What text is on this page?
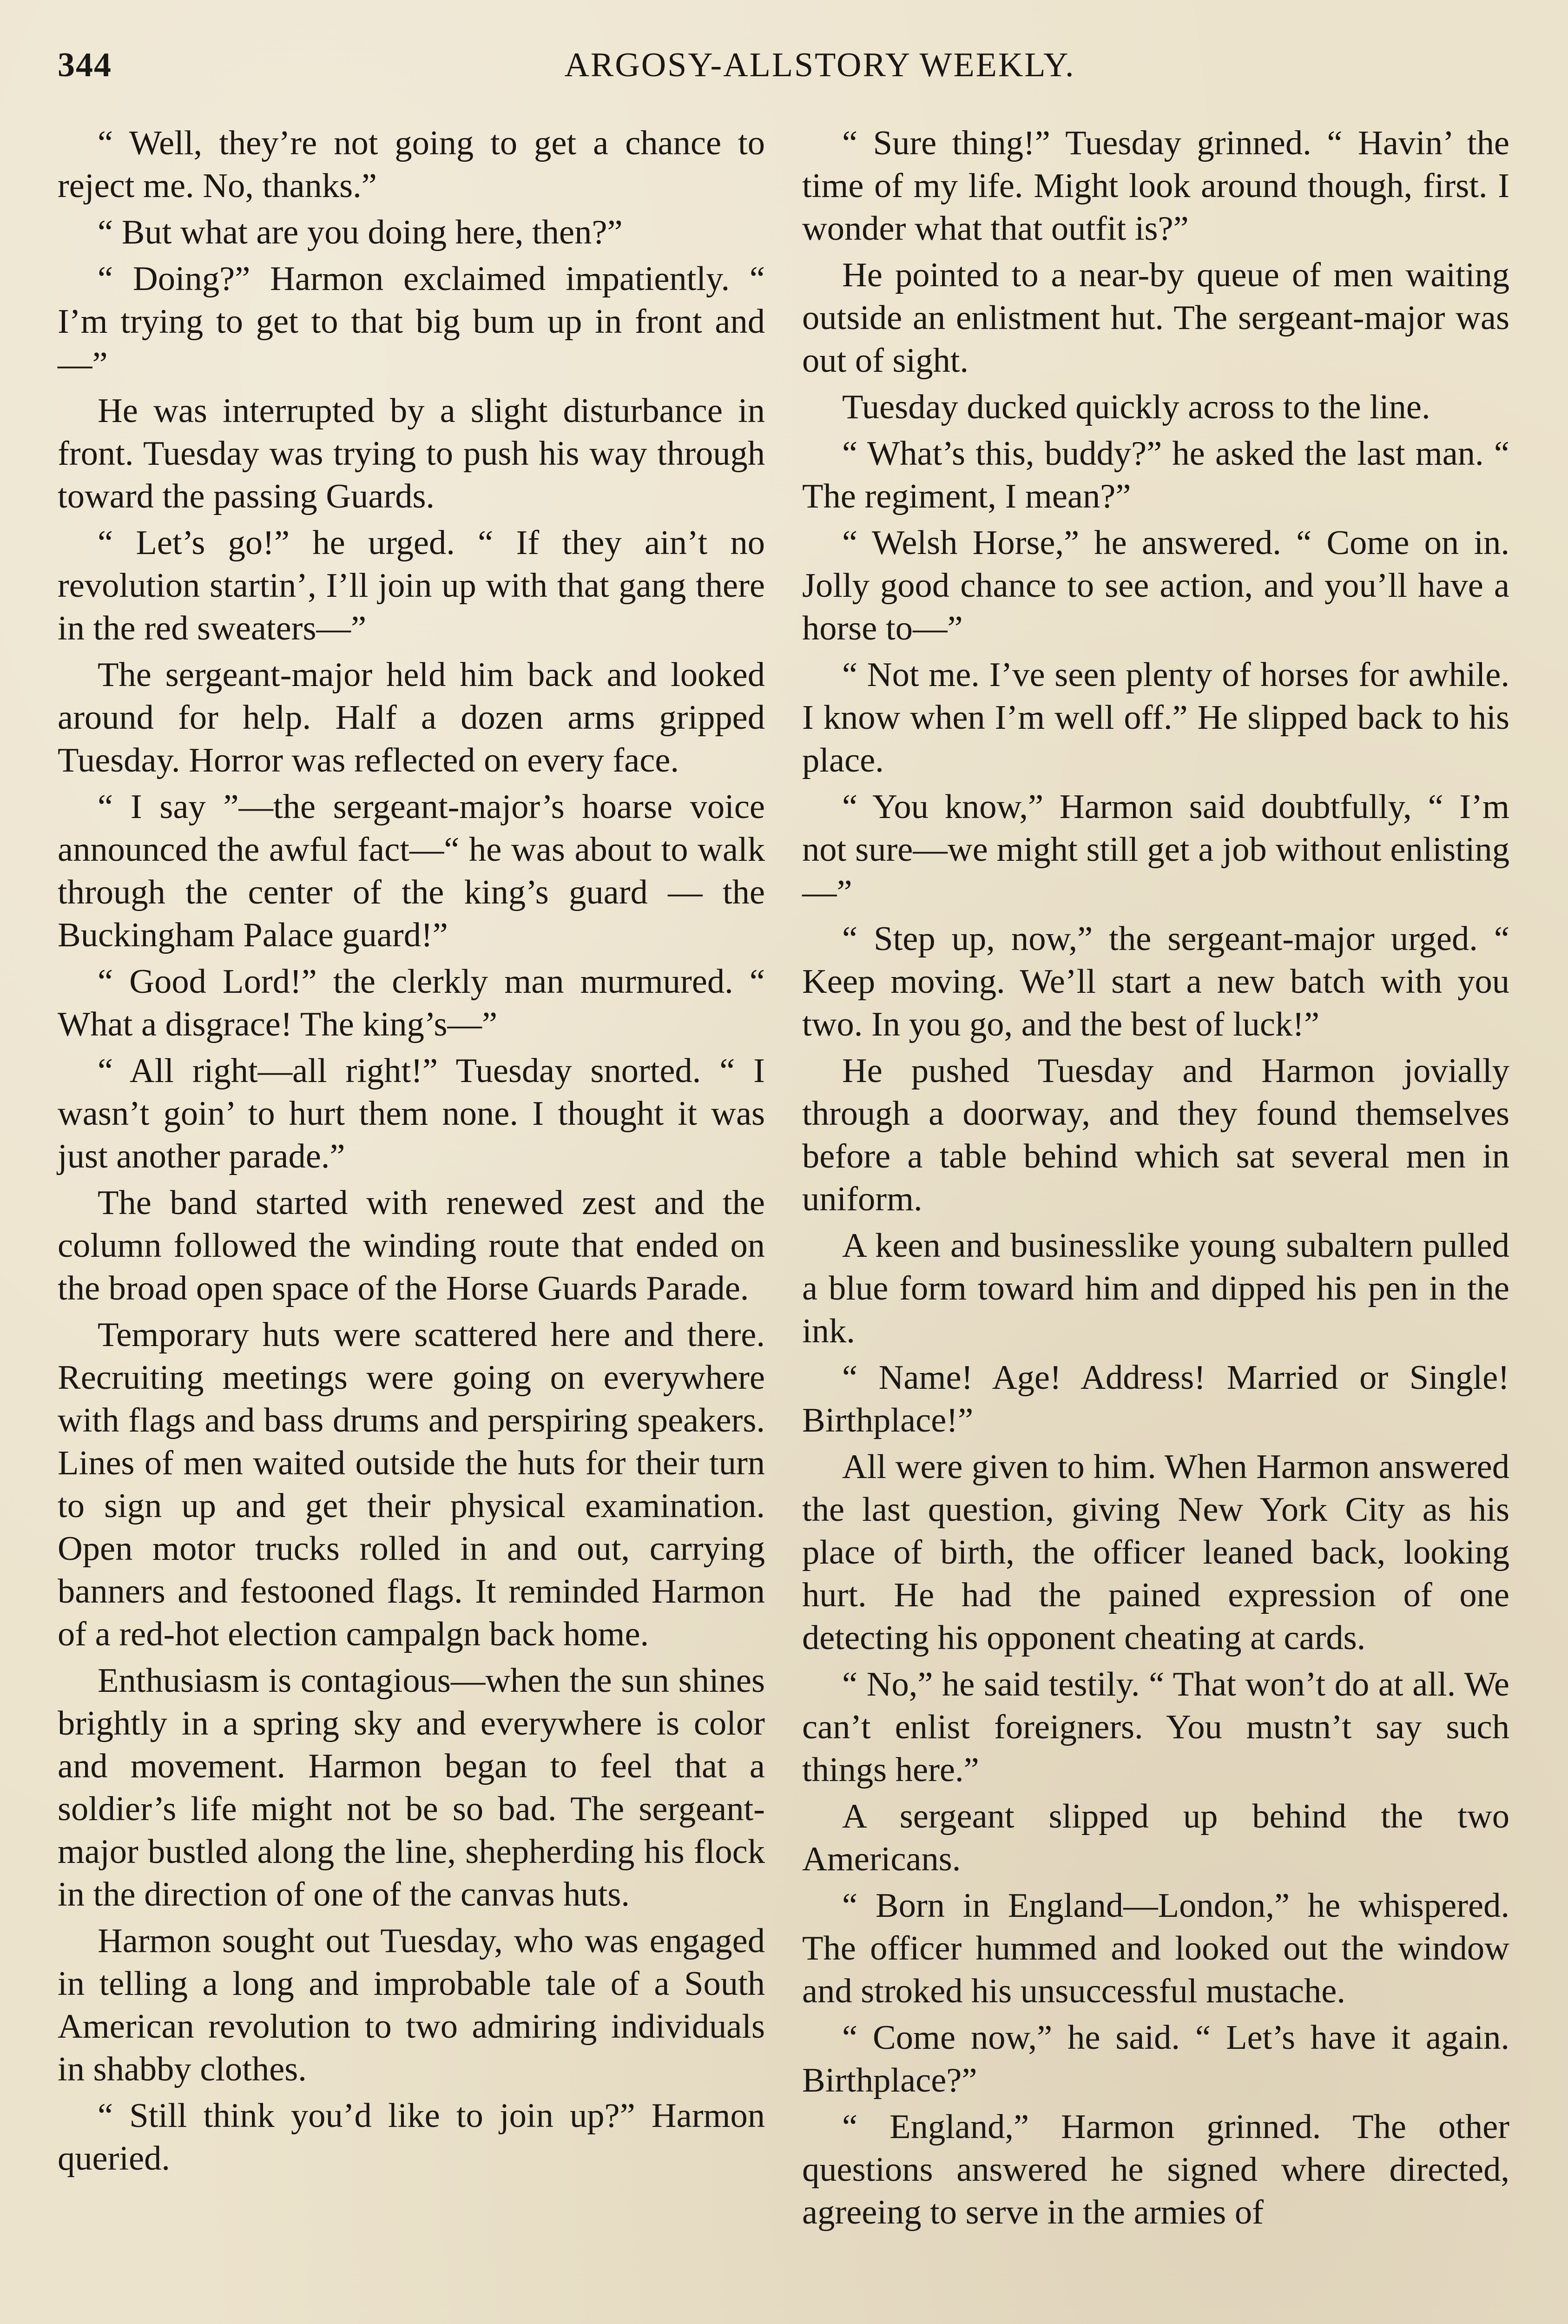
344	ARGOSY-ALLSTORY WEEKLY.

“ Well, they’re not going to get a chance to reject me. No, thanks.”

“ But what are you doing here, then?”

“ Doing?” Harmon exclaimed impatiently. “ I’m trying to get to that big bum up in front and—”

He was interrupted by a slight disturbance in front. Tuesday was trying to push his way through toward the passing Guards.

“ Let’s go!” he urged. “ If they ain’t no revolution startin’, I’ll join up with that gang there in the red sweaters—”

The sergeant-major held him back and looked around for help. Half a dozen arms gripped Tuesday. Horror was reflected on every face.

“ I say ”—the sergeant-major’s hoarse voice announced the awful fact—“ he was about to walk through the center of the king’s guard — the Buckingham Palace guard!”

“ Good Lord!” the clerkly man murmured. “ What a disgrace! The king’s—”

“ All right—all right!” Tuesday snorted. “ I wasn’t goin’ to hurt them none. I thought it was just another parade.”

The band started with renewed zest and the column followed the winding route that ended on the broad open space of the Horse Guards Parade.

Temporary huts were scattered here and there. Recruiting meetings were going on everywhere with flags and bass drums and perspiring speakers. Lines of men waited outside the huts for their turn to sign up and get their physical examination. Open motor trucks rolled in and out, carrying banners and festooned flags. It reminded Harmon of a red-hot election campalgn back home.

Enthusiasm is contagious—when the sun shines brightly in a spring sky and everywhere is color and movement. Harmon began to feel that a soldier’s life might not be so bad. The sergeant-major bustled along the line, shepherding his flock in the direction of one of the canvas huts.

Harmon sought out Tuesday, who was engaged in telling a long and improbable tale of a South American revolution to two admiring individuals in shabby clothes.

“ Still think you’d like to join up?” Harmon queried.

“ Sure thing!” Tuesday grinned. “ Havin’ the time of my life. Might look around though, first. I wonder what that outfit is?”

He pointed to a near-by queue of men waiting outside an enlistment hut. The sergeant-major was out of sight.

Tuesday ducked quickly across to the line.

“ What’s this, buddy?” he asked the last man. “ The regiment, I mean?”

“ Welsh Horse,” he answered. “ Come on in. Jolly good chance to see action, and you’ll have a horse to—”

“ Not me. I’ve seen plenty of horses for awhile. I know when I’m well off.” He slipped back to his place.

“ You know,” Harmon said doubtfully, “ I’m not sure—we might still get a job without enlisting—”

“ Step up, now,” the sergeant-major urged. “ Keep moving. We’ll start a new batch with you two. In you go, and the best of luck!”

He pushed Tuesday and Harmon jovially through a doorway, and they found themselves before a table behind which sat several men in uniform.

A keen and businesslike young subaltern pulled a blue form toward him and dipped his pen in the ink.

“ Name! Age! Address! Married or Single! Birthplace!”

All were given to him. When Harmon answered the last question, giving New York City as his place of birth, the officer leaned back, looking hurt. He had the pained expression of one detecting his opponent cheating at cards.

“ No,” he said testily. “ That won’t do at all. We can’t enlist foreigners. You mustn’t say such things here.”

A sergeant slipped up behind the two Americans.

“ Born in England—London,” he whispered. The officer hummed and looked out the window and stroked his unsuccessful mustache.

“ Come now,” he said. “ Let’s have it again. Birthplace?”

“ England,” Harmon grinned. The other questions answered he signed where directed, agreeing to serve in the armies of
